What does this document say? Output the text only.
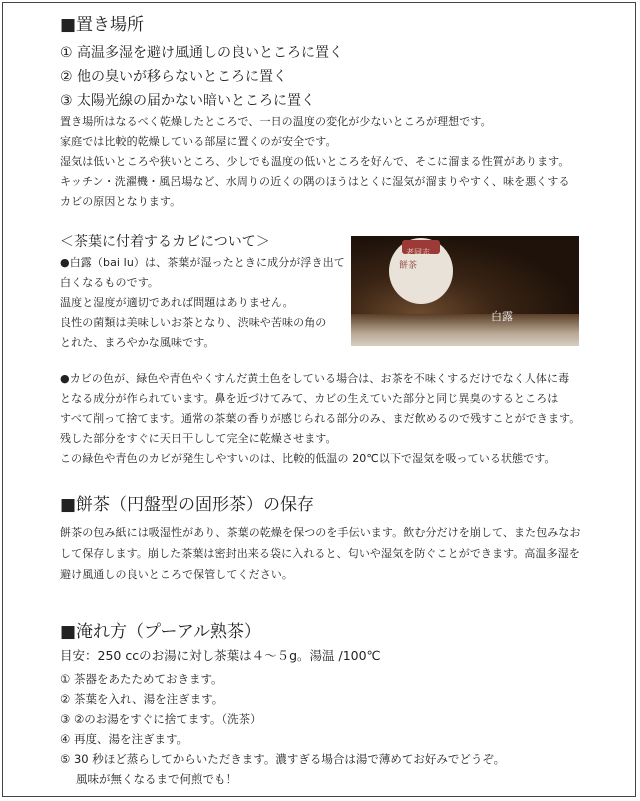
■置き場所
① 高温多湿を避け風通しの良いところに置く
② 他の臭いが移らないところに置く
③ 太陽光線の届かない暗いところに置く
置き場所はなるべく乾燥したところで、一日の温度の変化が少ないところが理想です。
家庭では比較的乾燥している部屋に置くのが安全です。
湿気は低いところや狭いところ、少しでも温度の低いところを好んで、そこに溜まる性質があります。
キッチン・洗濯機・風呂場など、水周りの近くの隅のほうはとくに湿気が溜まりやすく、味を悪くする
カビの原因となります。
＜茶葉に付着するカビについて＞
●白露（bai lu）は、茶葉が湿ったときに成分が浮き出て
白くなるものです。
温度と湿度が適切であれば問題はありません。
良性の菌類は美味しいお茶となり、渋味や苦味の角の
とれた、まろやかな風味です。
老同志
餅茶
白露
●カビの色が、緑色や青色やくすんだ黄土色をしている場合は、お茶を不味くするだけでなく人体に毒
となる成分が作られています。鼻を近づけてみて、カビの生えていた部分と同じ異臭のするところは
すべて削って捨てます。通常の茶葉の香りが感じられる部分のみ、まだ飲めるので残すことができます。
残した部分をすぐに天日干しして完全に乾燥させます。
この緑色や青色のカビが発生しやすいのは、比較的低温の 20℃以下で湿気を吸っている状態です。
■餅茶（円盤型の固形茶）の保存
餅茶の包み紙には吸湿性があり、茶葉の乾燥を保つのを手伝います。飲む分だけを崩して、また包みなお
して保存します。崩した茶葉は密封出来る袋に入れると、匂いや湿気を防ぐことができます。高温多湿を
避け風通しの良いところで保管してください。
■淹れ方（プーアル熟茶）
目安：250 ccのお湯に対し茶葉は４～５g。湯温 /100℃
① 茶器をあたためておきます。
② 茶葉を入れ、湯を注ぎます。
③ ②のお湯をすぐに捨てます。（洗茶）
④ 再度、湯を注ぎます。
⑤ 30 秒ほど蒸らしてからいただきます。濃すぎる場合は湯で薄めてお好みでどうぞ。
風味が無くなるまで何煎でも！
